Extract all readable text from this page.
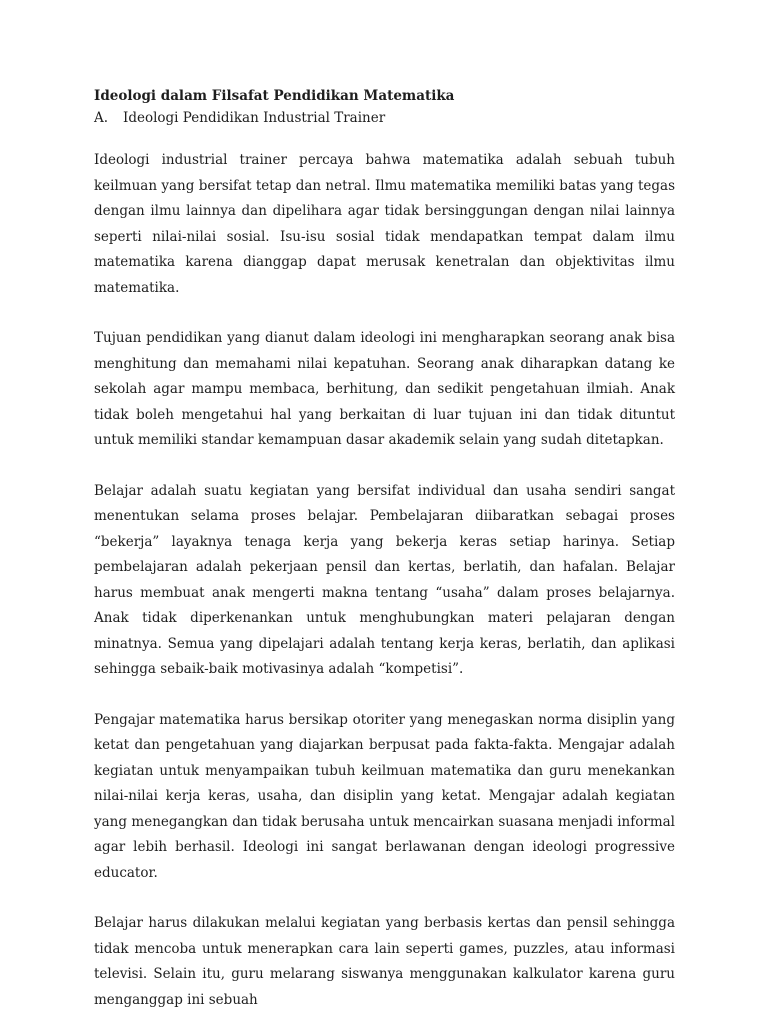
Ideologi dalam Filsafat Pendidikan Matematika

A.	Ideologi Pendidikan Industrial Trainer

Ideologi industrial trainer percaya bahwa matematika adalah sebuah tubuh keilmuan yang bersifat tetap dan netral. Ilmu matematika memiliki batas yang tegas dengan ilmu lainnya dan dipelihara agar tidak bersinggungan dengan nilai lainnya seperti nilai-nilai sosial. Isu-isu sosial tidak mendapatkan tempat dalam ilmu matematika karena dianggap dapat merusak kenetralan dan objektivitas ilmu matematika.

Tujuan pendidikan yang dianut dalam ideologi ini mengharapkan seorang anak bisa menghitung dan memahami nilai kepatuhan. Seorang anak diharapkan datang ke sekolah agar mampu membaca, berhitung, dan sedikit pengetahuan ilmiah. Anak tidak boleh mengetahui hal yang berkaitan di luar tujuan ini dan tidak dituntut untuk memiliki standar kemampuan dasar akademik selain yang sudah ditetapkan.

Belajar adalah suatu kegiatan yang bersifat individual dan usaha sendiri sangat menentukan selama proses belajar. Pembelajaran diibaratkan sebagai proses “bekerja” layaknya tenaga kerja yang bekerja keras setiap harinya. Setiap pembelajaran adalah pekerjaan pensil dan kertas, berlatih, dan hafalan. Belajar harus membuat anak mengerti makna tentang “usaha” dalam proses belajarnya. Anak tidak diperkenankan untuk menghubungkan materi pelajaran dengan minatnya. Semua yang dipelajari adalah tentang kerja keras, berlatih, dan aplikasi sehingga sebaik-baik motivasinya adalah “kompetisi”.

Pengajar matematika harus bersikap otoriter yang menegaskan norma disiplin yang ketat dan pengetahuan yang diajarkan berpusat pada fakta-fakta. Mengajar adalah kegiatan untuk menyampaikan tubuh keilmuan matematika dan guru menekankan nilai-nilai kerja keras, usaha, dan disiplin yang ketat. Mengajar adalah kegiatan yang menegangkan dan tidak berusaha untuk mencairkan suasana menjadi informal agar lebih berhasil. Ideologi ini sangat berlawanan dengan ideologi progressive educator.

Belajar harus dilakukan melalui kegiatan yang berbasis kertas dan pensil sehingga tidak mencoba untuk menerapkan cara lain seperti games, puzzles, atau informasi televisi. Selain itu, guru melarang siswanya menggunakan kalkulator karena guru menganggap ini sebuah
